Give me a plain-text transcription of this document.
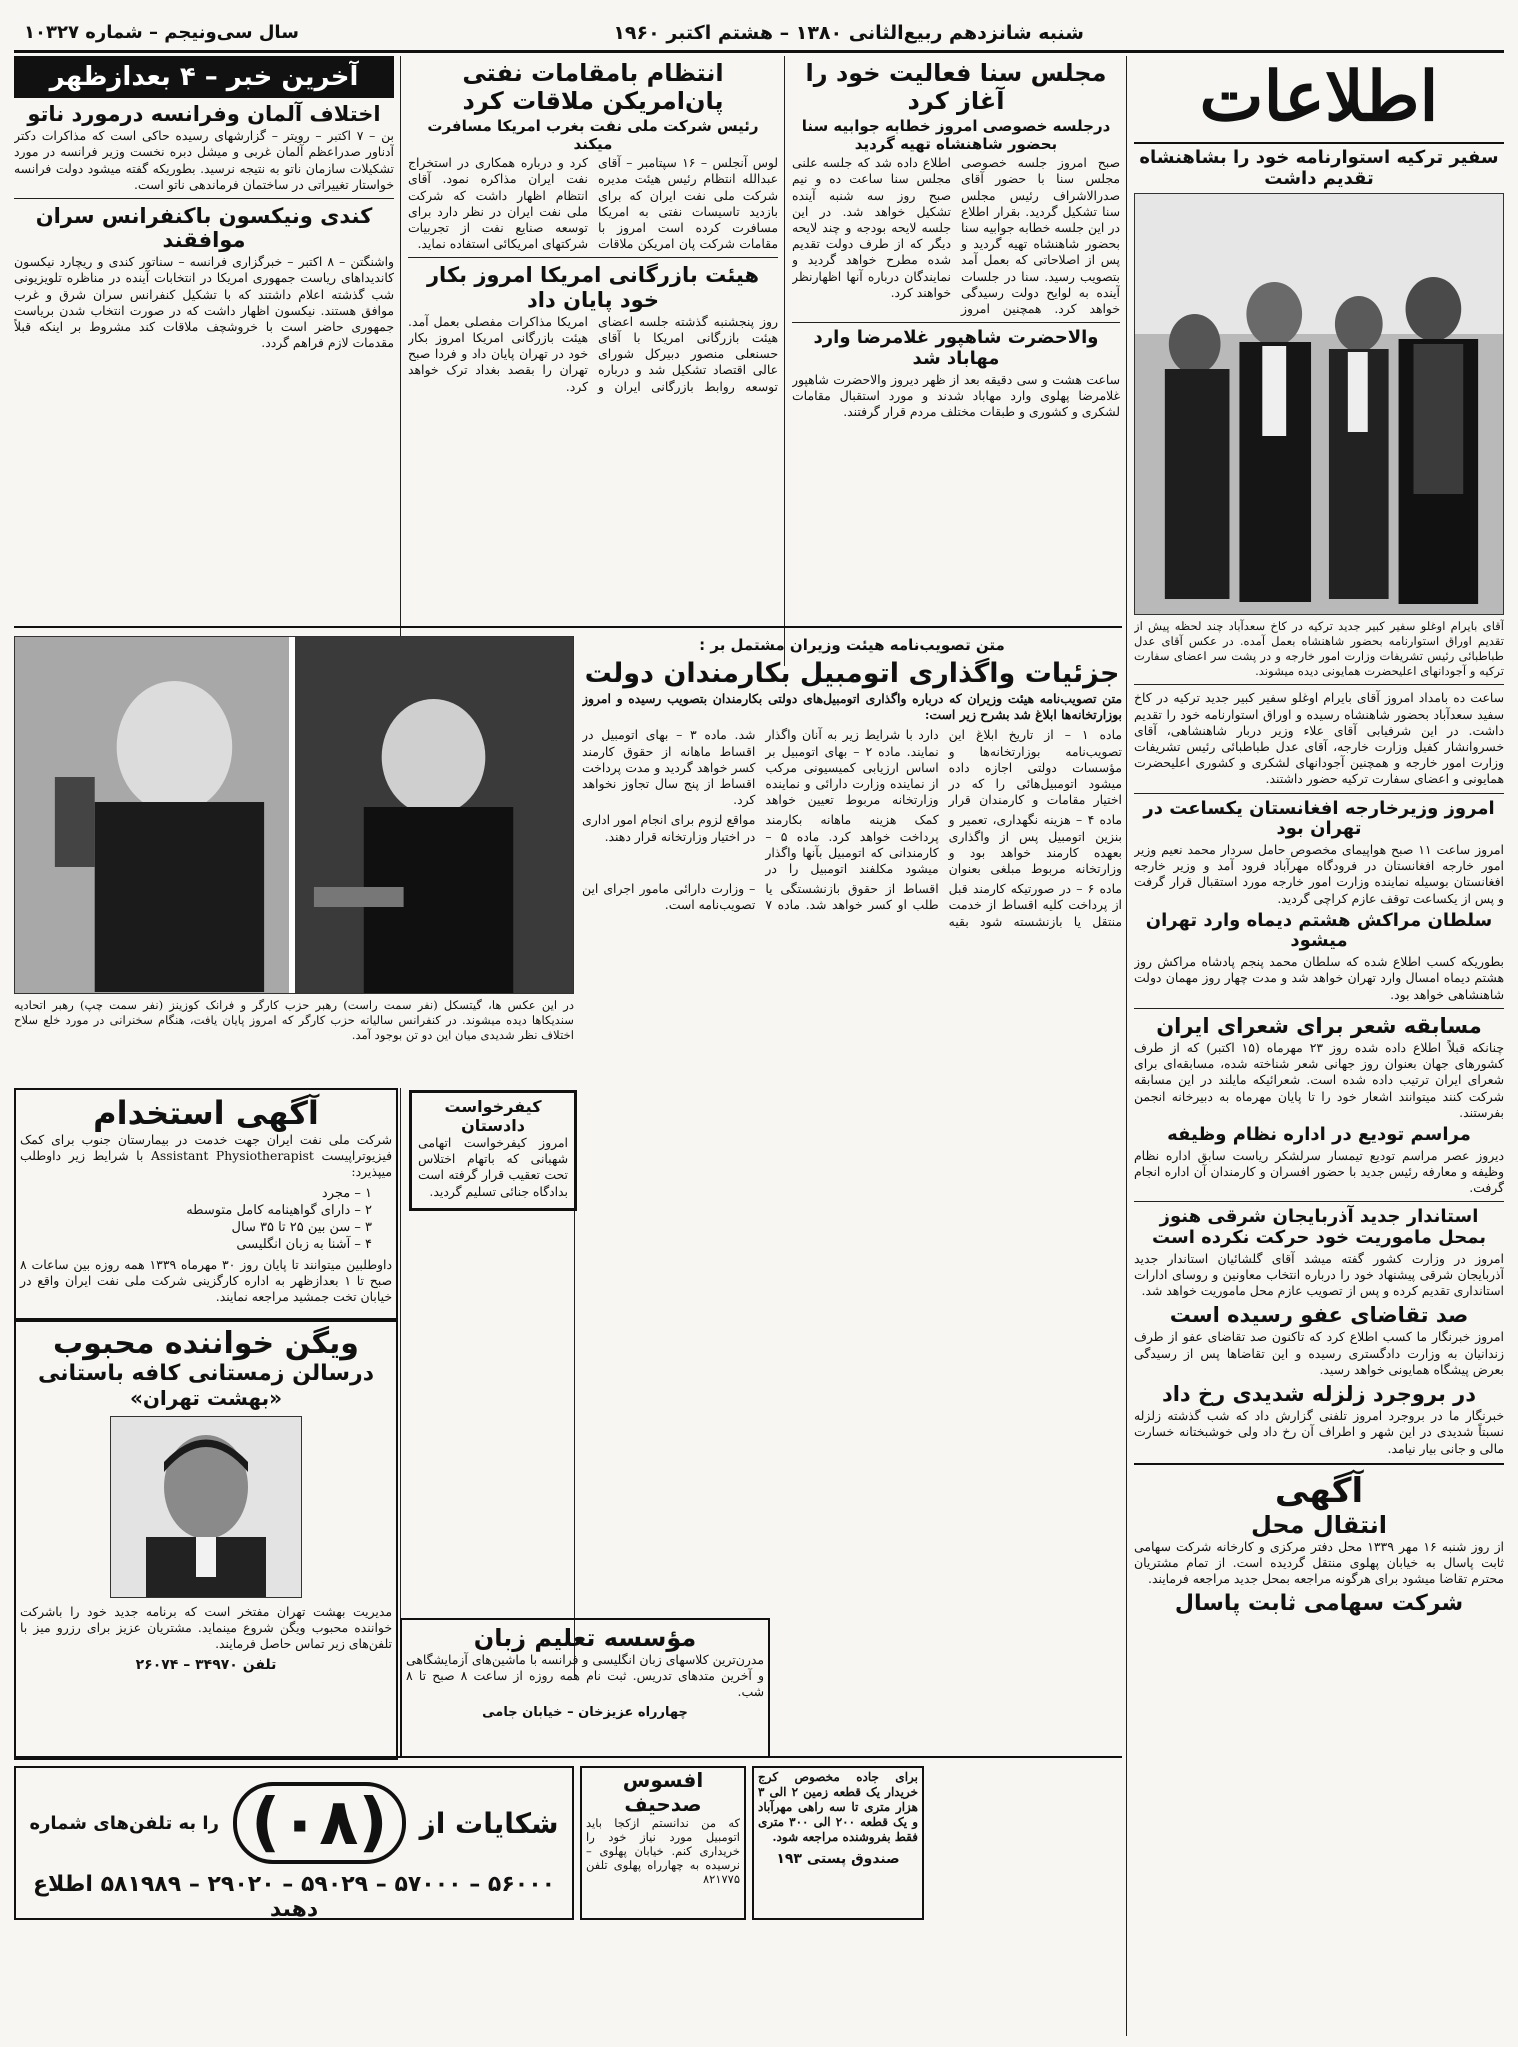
شنبه شانزدهم ربیع‌الثانی ۱۳۸۰ – هشتم اکتبر ۱۹۶۰
سال سی‌ونیجم – شماره ۱۰۳۲۷
اطلاعات
سفیر ترکیه استوارنامه خود را بشاهنشاه تقدیم داشت

آقای بایرام اوغلو سفیر کبیر جدید ترکیه در کاخ سعدآباد چند لحظه پیش از تقدیم اوراق استوارنامه بحضور شاهنشاه بعمل آمده. در عکس آقای عدل طباطبائی رئیس تشریفات وزارت امور خارجه و در پشت سر اعضای سفارت ترکیه و آجودانهای اعلیحضرت همایونی دیده میشوند.

ساعت ده بامداد امروز آقای بایرام اوغلو سفیر کبیر جدید ترکیه در کاخ سفید سعدآباد بحضور شاهنشاه رسیده و اوراق استوارنامه خود را تقدیم داشت. در این شرفیابی آقای علاء وزیر دربار شاهنشاهی، آقای خسروانشار کفیل وزارت خارجه، آقای عدل طباطبائی رئیس تشریفات وزارت امور خارجه و همچنین آجودانهای لشکری و کشوری اعلیحضرت همایونی و اعضای سفارت ترکیه حضور داشتند.

امروز وزیرخارجه افغانستان یکساعت در تهران بود

امروز ساعت ۱۱ صبح هواپیمای مخصوص حامل سردار محمد نعیم وزیر امور خارجه افغانستان در فرودگاه مهرآباد فرود آمد و وزیر خارجه افغانستان بوسیله نماینده وزارت امور خارجه مورد استقبال قرار گرفت و پس از یکساعت توقف عازم کراچی گردید.

سلطان مراکش هشتم دیماه وارد تهران میشود

بطوریکه کسب اطلاع شده که سلطان محمد پنجم پادشاه مراکش روز هشتم دیماه امسال وارد تهران خواهد شد و مدت چهار روز مهمان دولت شاهنشاهی خواهد بود.

مسابقه شعر برای شعرای ایران

چنانکه قبلاً اطلاع داده شده روز ۲۳ مهرماه (۱۵ اکتبر) که از طرف کشورهای جهان بعنوان روز جهانی شعر شناخته شده، مسابقه‌ای برای شعرای ایران ترتیب داده شده است. شعرائیکه مایلند در این مسابقه شرکت کنند میتوانند اشعار خود را تا پایان مهرماه به دبیرخانه انجمن بفرستند.

مراسم تودیع در اداره نظام وظیفه

دیروز عصر مراسم تودیع تیمسار سرلشکر ریاست سابق اداره نظام وظیفه و معارفه رئیس جدید با حضور افسران و کارمندان آن اداره انجام گرفت.

استاندار جدید آذربایجان شرقی هنوز بمحل ماموریت خود حرکت نکرده است

امروز در وزارت کشور گفته میشد آقای گلشائیان استاندار جدید آذربایجان شرقی پیشنهاد خود را درباره انتخاب معاونین و روسای ادارات استانداری تقدیم کرده و پس از تصویب عازم محل ماموریت خواهد شد.

صد تقاضای عفو رسیده است

امروز خبرنگار ما کسب اطلاع کرد که تاکنون صد تقاضای عفو از طرف زندانیان به وزارت دادگستری رسیده و این تقاضاها پس از رسیدگی بعرض پیشگاه همایونی خواهد رسید.

در بروجرد زلزله شدیدی رخ داد

خبرنگار ما در بروجرد امروز تلفنی گزارش داد که شب گذشته زلزله نسبتاً شدیدی در این شهر و اطراف آن رخ داد ولی خوشبختانه خسارت مالی و جانی بیار نیامد.

آگهی
انتقال محل

از روز شنبه ۱۶ مهر ۱۳۳۹ محل دفتر مرکزی و کارخانه شرکت سهامی ثابت پاسال به خیابان پهلوی منتقل گردیده است. از تمام مشتریان محترم تقاضا میشود برای هرگونه مراجعه بمحل جدید مراجعه فرمایند.

شرکت سهامی ثابت پاسال
مجلس سنا فعالیت خود را آغاز کرد
درجلسه خصوصی امروز خطابه جوابیه سنا بحضور شاهنشاه تهیه گردید

صبح امروز جلسه خصوصی مجلس سنا با حضور آقای صدرالاشراف رئیس مجلس سنا تشکیل گردید. بقرار اطلاع در این جلسه خطابه جوابیه سنا بحضور شاهنشاه تهیه گردید و پس از اصلاحاتی که بعمل آمد بتصویب رسید. سنا در جلسات آینده به لوایح دولت رسیدگی خواهد کرد. همچنین امروز اطلاع داده شد که جلسه علنی مجلس سنا ساعت ده و نیم صبح روز سه شنبه آینده تشکیل خواهد شد. در این جلسه لایحه بودجه و چند لایحه دیگر که از طرف دولت تقدیم شده مطرح خواهد گردید و نمایندگان درباره آنها اظهارنظر خواهند کرد.

والاحضرت شاهپور غلامرضا وارد مهاباد شد

ساعت هشت و سی دقیقه بعد از ظهر دیروز والاحضرت شاهپور غلامرضا پهلوی وارد مهاباد شدند و مورد استقبال مقامات لشکری و کشوری و طبقات مختلف مردم قرار گرفتند.

انتظام بامقامات نفتی پان‌امریکن ملاقات کرد
رئیس شرکت ملی نفت بغرب امریکا مسافرت میکند

لوس آنجلس – ۱۶ سپتامبر – آقای عبدالله انتظام رئیس هیئت مدیره شرکت ملی نفت ایران که برای بازدید تاسیسات نفتی به امریکا مسافرت کرده است امروز با مقامات شرکت پان امریکن ملاقات کرد و درباره همکاری در استخراج نفت ایران مذاکره نمود. آقای انتظام اظهار داشت که شرکت ملی نفت ایران در نظر دارد برای توسعه صنایع نفت از تجربیات شرکتهای امریکائی استفاده نماید.

هیئت بازرگانی امریکا امروز بکار خود پایان داد

روز پنجشنبه گذشته جلسه اعضای هیئت بازرگانی امریکا با آقای حسنعلی منصور دبیرکل شورای عالی اقتصاد تشکیل شد و درباره توسعه روابط بازرگانی ایران و امریکا مذاکرات مفصلی بعمل آمد. هیئت بازرگانی امریکا امروز بکار خود در تهران پایان داد و فردا صبح تهران را بقصد بغداد ترک خواهد کرد.

آخرین خبر – ۴ بعدازظهر
اختلاف آلمان وفرانسه درمورد ناتو

بن – ۷ اکتبر – رویتر – گزارشهای رسیده حاکی است که مذاکرات دکتر آدناور صدراعظم آلمان غربی و میشل دبره نخست وزیر فرانسه در مورد تشکیلات سازمان ناتو به نتیجه نرسید. بطوریکه گفته میشود دولت فرانسه خواستار تغییراتی در ساختمان فرماندهی ناتو است.

کندی ونیکسون باکنفرانس سران موافقند

واشنگتن – ۸ اکتبر – خبرگزاری فرانسه – سناتور کندی و ریچارد نیکسون کاندیداهای ریاست جمهوری امریکا در انتخابات آینده در مناظره تلویزیونی شب گذشته اعلام داشتند که با تشکیل کنفرانس سران شرق و غرب موافق هستند. نیکسون اظهار داشت که در صورت انتخاب شدن بریاست جمهوری حاضر است با خروشچف ملاقات کند مشروط بر اینکه قبلاً مقدمات لازم فراهم گردد.

در این عکس ها، گیتسکل (نفر سمت راست) رهبر حزب کارگر و فرانک کوزینز (نفر سمت چپ) رهبر اتحادیه سندیکاها دیده میشوند. در کنفرانس سالیانه حزب کارگر که امروز پایان یافت، هنگام سخنرانی در مورد خلع سلاح اختلاف نظر شدیدی میان این دو تن بوجود آمد.

متن تصویب‌نامه هیئت وزیران مشتمل بر :
جزئیات واگذاری اتومبیل بکارمندان دولت

متن تصویب‌نامه هیئت وزیران که درباره واگذاری اتومبیل‌های دولتی بکارمندان بتصویب رسیده و امروز بوزارتخانه‌ها ابلاغ شد بشرح زیر است:

ماده ۱ – از تاریخ ابلاغ این تصویب‌نامه بوزارتخانه‌ها و مؤسسات دولتی اجازه داده میشود اتومبیل‌هائی را که در اختیار مقامات و کارمندان قرار دارد با شرایط زیر به آنان واگذار نمایند. ماده ۲ – بهای اتومبیل بر اساس ارزیابی کمیسیونی مرکب از نماینده وزارت دارائی و نماینده وزارتخانه مربوط تعیین خواهد شد. ماده ۳ – بهای اتومبیل در اقساط ماهانه از حقوق کارمند کسر خواهد گردید و مدت پرداخت اقساط از پنج سال تجاوز نخواهد کرد.

ماده ۴ – هزینه نگهداری، تعمیر و بنزین اتومبیل پس از واگذاری بعهده کارمند خواهد بود و وزارتخانه مربوط مبلغی بعنوان کمک هزینه ماهانه بکارمند پرداخت خواهد کرد. ماده ۵ – کارمندانی که اتومبیل بآنها واگذار میشود مکلفند اتومبیل را در مواقع لزوم برای انجام امور اداری در اختیار وزارتخانه قرار دهند.

ماده ۶ – در صورتیکه کارمند قبل از پرداخت کلیه اقساط از خدمت منتقل یا بازنشسته شود بقیه اقساط از حقوق بازنشستگی یا طلب او کسر خواهد شد. ماده ۷ – وزارت دارائی مامور اجرای این تصویب‌نامه است.

کیفرخواست دادستان

امروز کیفرخواست اتهامی شهبانی که باتهام اختلاس تحت تعقیب قرار گرفته است بدادگاه جنائی تسلیم گردید.

آگهی استخدام

شرکت ملی نفت ایران جهت خدمت در بیمارستان جنوب برای کمک فیزیوتراپیست Assistant Physiotherapist با شرایط زیر داوطلب میپذیرد:

۱ – مجرد
۲ – دارای گواهینامه کامل متوسطه
۳ – سن بین ۲۵ تا ۳۵ سال
۴ – آشنا به زبان انگلیسی

داوطلبین میتوانند تا پایان روز ۳۰ مهرماه ۱۳۳۹ همه روزه بین ساعات ۸ صبح تا ۱ بعدازظهر به اداره کارگزینی شرکت ملی نفت ایران واقع در خیابان تخت جمشید مراجعه نمایند.

ویگن خواننده محبوب
درسالن زمستانی کافه باستانی
«بهشت تهران»

مدیریت بهشت تهران مفتخر است که برنامه جدید خود را باشرکت خواننده محبوب ویگن شروع مینماید. مشتریان عزیز برای رزرو میز با تلفن‌های زیر تماس حاصل فرمایند.

تلفن ۳۴۹۷۰ – ۲۶۰۷۴
مؤسسه تعلیم زبان

مدرن‌ترین کلاسهای زبان انگلیسی و فرانسه با ماشین‌های آزمایشگاهی و آخرین متدهای تدریس. ثبت نام همه روزه از ساعت ۸ صبح تا ۸ شب.

چهارراه عزیزخان – خیابان جامی
شکایات از
(۰۸)
را به تلفن‌های شماره
۵۶۰۰۰ – ۵۷۰۰۰ – ۵۹۰۲۹ – ۲۹۰۲۰ – ۵۸۱۹۸۹ اطلاع دهید
افسوس صدحیف

که من ندانستم ازکجا باید اتومبیل مورد نیاز خود را خریداری کنم. خیابان پهلوی – نرسیده به چهارراه پهلوی تلفن ۸۲۱۷۷۵

برای جاده مخصوص کرج خریدار یک قطعه زمین ۲ الی ۳ هزار متری تا سه راهی مهرآباد و یک قطعه ۲۰۰ الی ۳۰۰ متری فقط بفروشنده مراجعه شود.

صندوق پستی ۱۹۳
